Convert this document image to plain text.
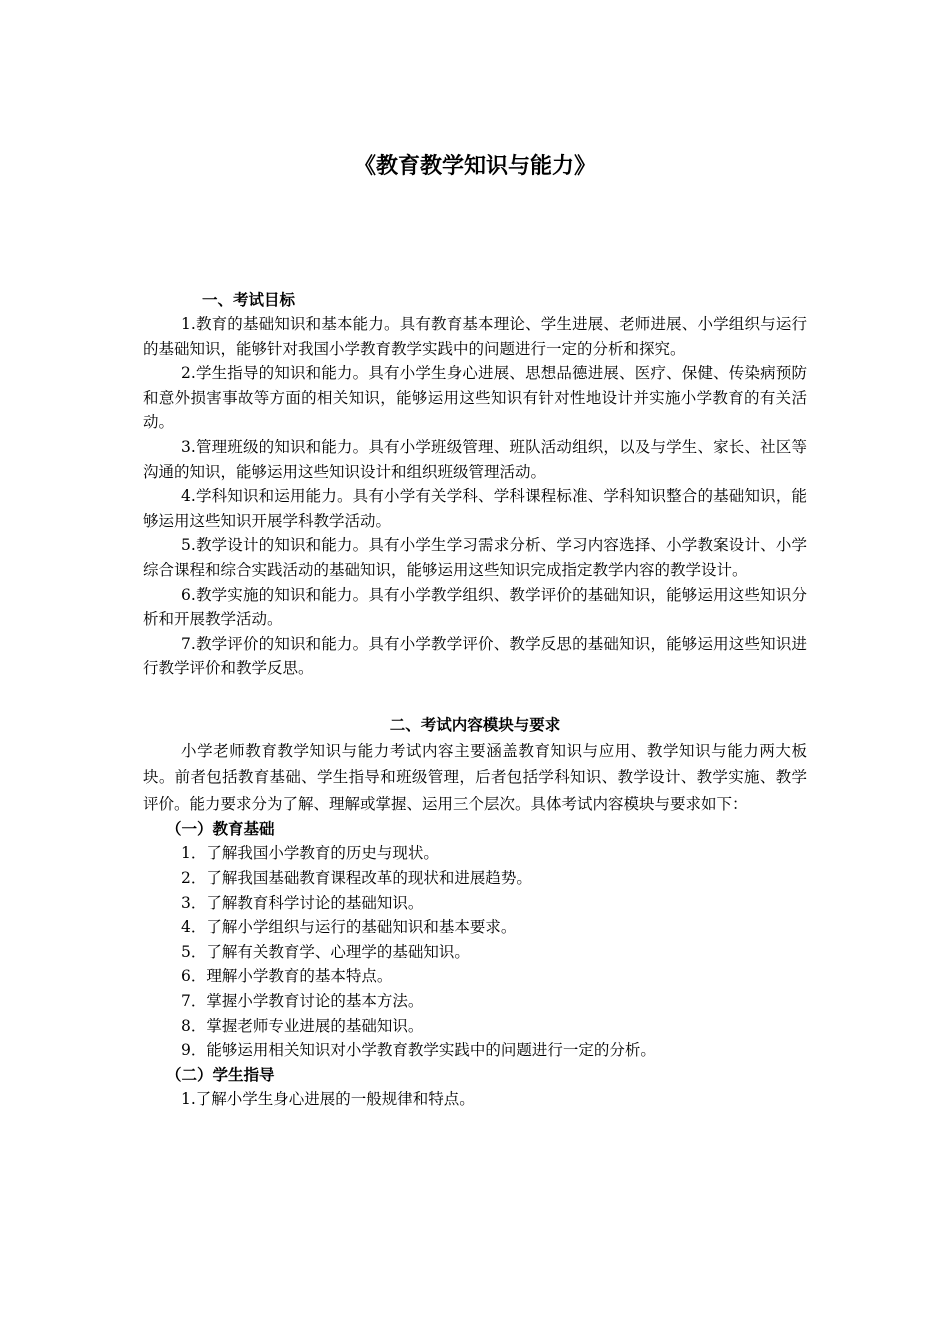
《教育教学知识与能力》
一、考试目标

1.教育的基础知识和基本能力。具有教育基本理论、学生进展、老师进展、小学组织与运行的基础知识，能够针对我国小学教育教学实践中的问题进行一定的分析和探究。

2.学生指导的知识和能力。具有小学生身心进展、思想品德进展、医疗、保健、传染病预防和意外损害事故等方面的相关知识，能够运用这些知识有针对性地设计并实施小学教育的有关活动。

3.管理班级的知识和能力。具有小学班级管理、班队活动组织，以及与学生、家长、社区等沟通的知识，能够运用这些知识设计和组织班级管理活动。

4.学科知识和运用能力。具有小学有关学科、学科课程标准、学科知识整合的基础知识，能够运用这些知识开展学科教学活动。

5.教学设计的知识和能力。具有小学生学习需求分析、学习内容选择、小学教案设计、小学综合课程和综合实践活动的基础知识，能够运用这些知识完成指定教学内容的教学设计。

6.教学实施的知识和能力。具有小学教学组织、教学评价的基础知识，能够运用这些知识分析和开展教学活动。

7.教学评价的知识和能力。具有小学教学评价、教学反思的基础知识，能够运用这些知识进行教学评价和教学反思。

二、考试内容模块与要求

小学老师教育教学知识与能力考试内容主要涵盖教育知识与应用、教学知识与能力两大板块。前者包括教育基础、学生指导和班级管理，后者包括学科知识、教学设计、教学实施、教学评价。能力要求分为了解、理解或掌握、运用三个层次。具体考试内容模块与要求如下：

（一）教育基础

1．了解我国小学教育的历史与现状。

2．了解我国基础教育课程改革的现状和进展趋势。

3．了解教育科学讨论的基础知识。

4．了解小学组织与运行的基础知识和基本要求。

5．了解有关教育学、心理学的基础知识。

6．理解小学教育的基本特点。

7．掌握小学教育讨论的基本方法。

8．掌握老师专业进展的基础知识。

9．能够运用相关知识对小学教育教学实践中的问题进行一定的分析。

（二）学生指导

1.了解小学生身心进展的一般规律和特点。
